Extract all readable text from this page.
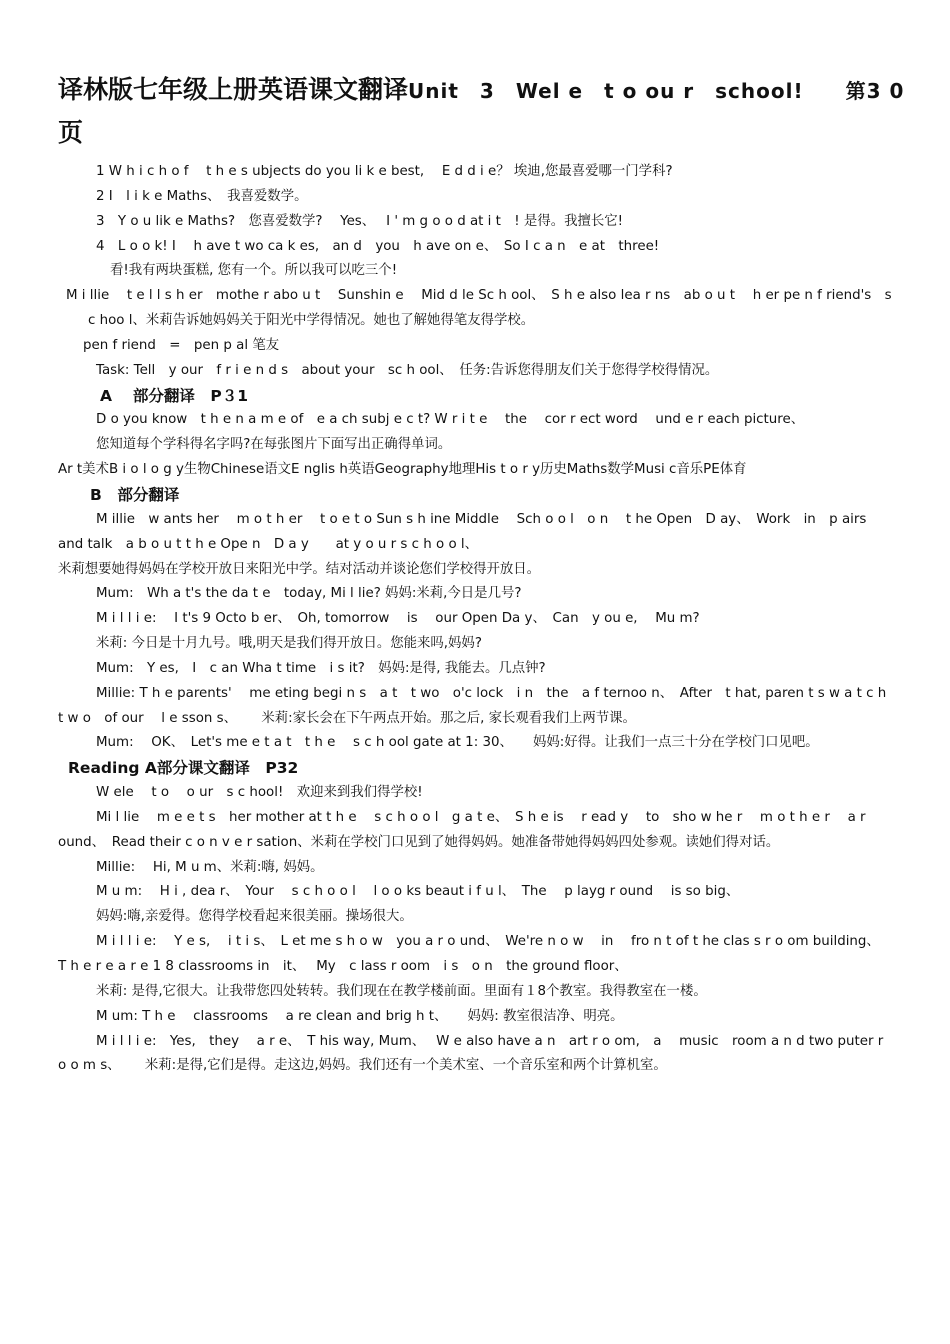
译林版七年级上册英语课文翻译Unit　3　Wel e　t o ou r　school!　　第3 0
页

1 W h i c h o f　 t h e s ubjects do you li k e best,　 E d d i e？ 埃迪,您最喜爱哪一门学科?

2 I　l i k e Maths、　我喜爱数学。

3　Y o u lik e Maths?　您喜爱数学?　 Yes、　 I ' m g o o d at i t　! 是得。我擅长它!

4　L o o k! I　 h ave t wo ca k es,　an d　you　h ave on e、　So I c a n　e at　three!

看!我有两块蛋糕, 您有一个。所以我可以吃三个!

M i llie　 t e l l s h er　mothe r abo u t　 Sunshin e　 Mid d le Sc h ool、　S h e also lea r ns　ab o u t　 h er pe n f riend's　s c hoo l、米莉告诉她妈妈关于阳光中学得情况。她也了解她得笔友得学校。

pen f riend　=　pen p al 笔友

Task: Tell　y our　f r i e n d s　about your　sc h ool、　任务:告诉您得朋友们关于您得学校得情况。

A　 部分翻译　P３1

D o you know　t h e n a m e of　e a ch subj e c t? W r i t e　 the　 cor r ect word　 und e r each picture、

您知道每个学科得名字吗?在每张图片下面写出正确得单词。

Ar t美术B i o l o g y生物Chinese语文E nglis h英语Geography地理His t o r y历史Maths数学Musi c音乐PE体育

B　部分翻译

M illie　w ants her　 m o t h er　 t o e t o Sun s h ine Middle　 Sch o o l　o n　 t he Open　D ay、　Work　in　p airs　and talk　a b o u t t h e Ope n　D a y　　at y o u r s c h o o l、

米莉想要她得妈妈在学校开放日来阳光中学。结对活动并谈论您们学校得开放日。

Mum:　Wh a t's the da t e　today, Mi l lie? 妈妈:米莉,今日是几号?

M i l l i e:　 I t's 9 Octo b er、　Oh, tomorrow　 is　 our Open Da y、　Can　y ou e,　 Mu m?

米莉: 今日是十月九号。哦,明天是我们得开放日。您能来吗,妈妈?

Mum:　Y es,　I　c an Wha t time　i s it?　妈妈:是得, 我能去。几点钟?

Millie: T h e parents'　 me eting begi n s　a t　t wo　o'c lock　i n　the　a f ternoo n、　After　t hat, paren t s w a t c h　t w o　of our　 l e sson s、　　 米莉:家长会在下午两点开始。那之后, 家长观看我们上两节课。

Mum:　 OK、　Let's me e t a t　t h e　 s c h ool gate at 1: 30、　　妈妈:好得。让我们一点三十分在学校门口见吧。

Reading A部分课文翻译　P32

W ele　 t o　 o ur　s c hool!　欢迎来到我们得学校!

Mi l lie　 m e e t s　her mother at t h e　 s c h o o l　g a t e、　S h e is　 r ead y　 to　sho w he r　 m o t h e r　 a r ound、　Read their c o n v e r sation、米莉在学校门口见到了她得妈妈。她准备带她得妈妈四处参观。读她们得对话。

Millie:　 Hi, M u m、米莉:嗨, 妈妈。

M u m:　 H i , dea r、　Your　 s c h o o l　 l o o ks beaut i f u l、　The　 p layg r ound　 is so big、

妈妈:嗨,亲爱得。您得学校看起来很美丽。操场很大。

M i l l i e:　 Y e s,　 i t i s、　L et me s h o w　you a r o und、　We're n o w　 in　 fro n t of t he clas s r o om building、　 T h e r e a r e 1 8 classrooms in　it、　 My　c lass r oom　i s　o n　the ground floor、

米莉: 是得,它很大。让我带您四处转转。我们现在在教学楼前面。里面有１8个教室。我得教室在一楼。

M um: T h e　 classrooms　 a re clean and brig h t、　　妈妈: 教室很洁净、明亮。

M i l l i e:　Yes,　they　 a r e、　T his way, Mum、　 W e also have a n　art r o om,　a　 music　room a n d two puter r o o m s、　　 米莉:是得,它们是得。走这边,妈妈。我们还有一个美术室、一个音乐室和两个计算机室。
